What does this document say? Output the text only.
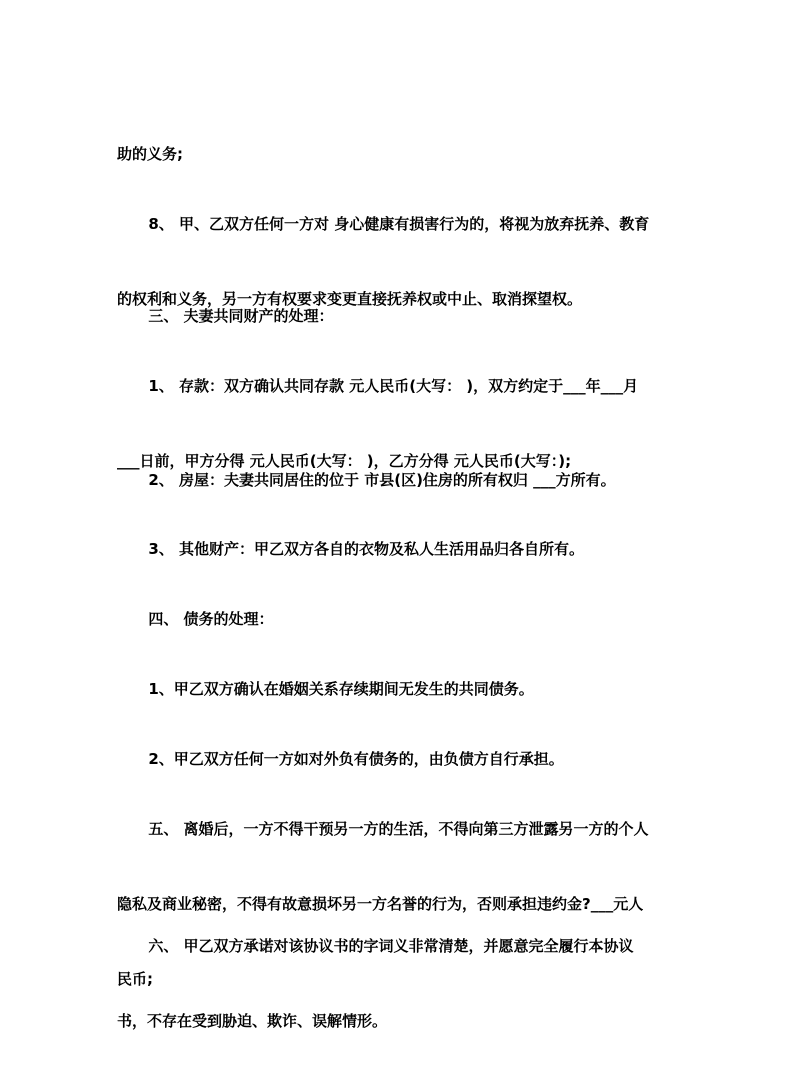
助的义务;

8、 甲、乙双方任何一方对 身心健康有损害行为的，将视为放弃抚养、教育

的权利和义务，另一方有权要求变更直接抚养权或中止、取消探望权。

三、 夫妻共同财产的处理：

1、 存款：双方确认共同存款 元人民币(大写： )，双方约定于___年___月

___日前，甲方分得 元人民币(大写： )，乙方分得 元人民币(大写：);

2、 房屋：夫妻共同居住的位于 市县(区)住房的所有权归 ___方所有。

3、 其他财产：甲乙双方各自的衣物及私人生活用品归各自所有。

四、 债务的处理：

1、甲乙双方确认在婚姻关系存续期间无发生的共同债务。

2、甲乙双方任何一方如对外负有债务的，由负债方自行承担。

五、 离婚后，一方不得干预另一方的生活，不得向第三方泄露另一方的个人

隐私及商业秘密，不得有故意损坏另一方名誉的行为，否则承担违约金?___元人

民币;

六、 甲乙双方承诺对该协议书的字词义非常清楚，并愿意完全履行本协议

书，不存在受到胁迫、欺诈、误解情形。
